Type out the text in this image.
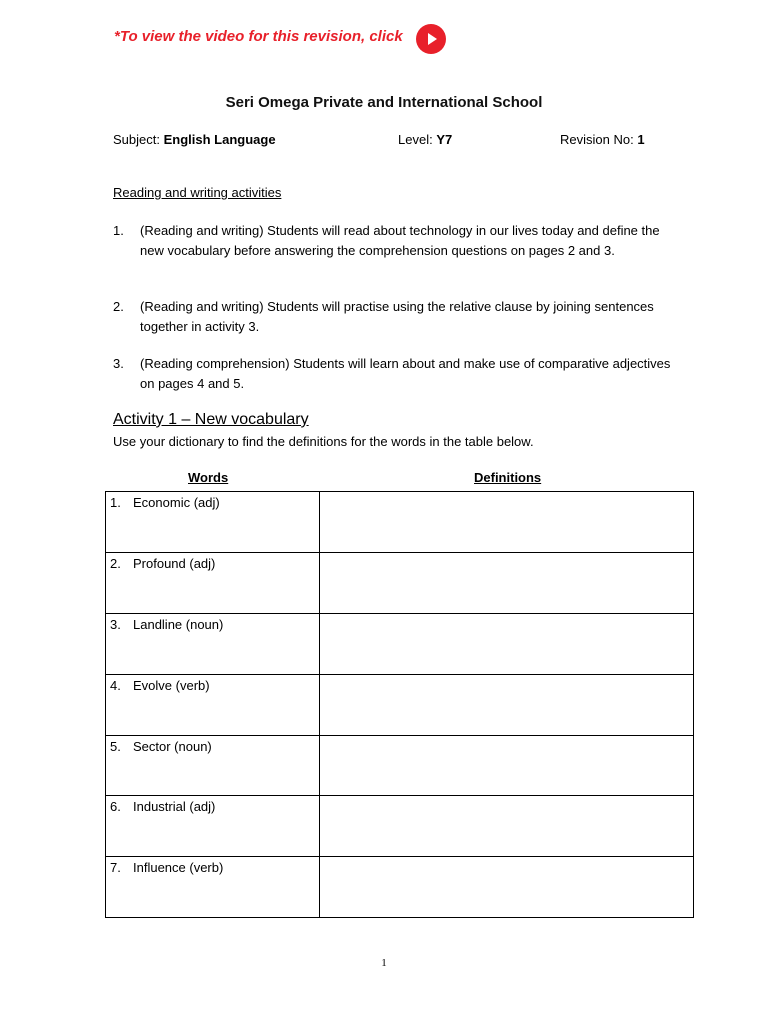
*To view the video for this revision, click
Seri Omega Private and International School
Subject: English Language	Level: Y7	Revision No: 1
Reading and writing activities
1. (Reading and writing) Students will read about technology in our lives today and define the new vocabulary before answering the comprehension questions on pages 2 and 3.
2. (Reading and writing) Students will practise using the relative clause by joining sentences together in activity 3.
3. (Reading comprehension) Students will learn about and make use of comparative adjectives on pages 4 and 5.
Activity 1 – New vocabulary
Use your dictionary to find the definitions for the words in the table below.
Words	Definitions
1. Economic (adj)	

2. Profound (adj)	

3. Landline (noun)	

4. Evolve (verb)	

5. Sector (noun)	

6. Industrial (adj)	

7. Influence (verb)	

1
